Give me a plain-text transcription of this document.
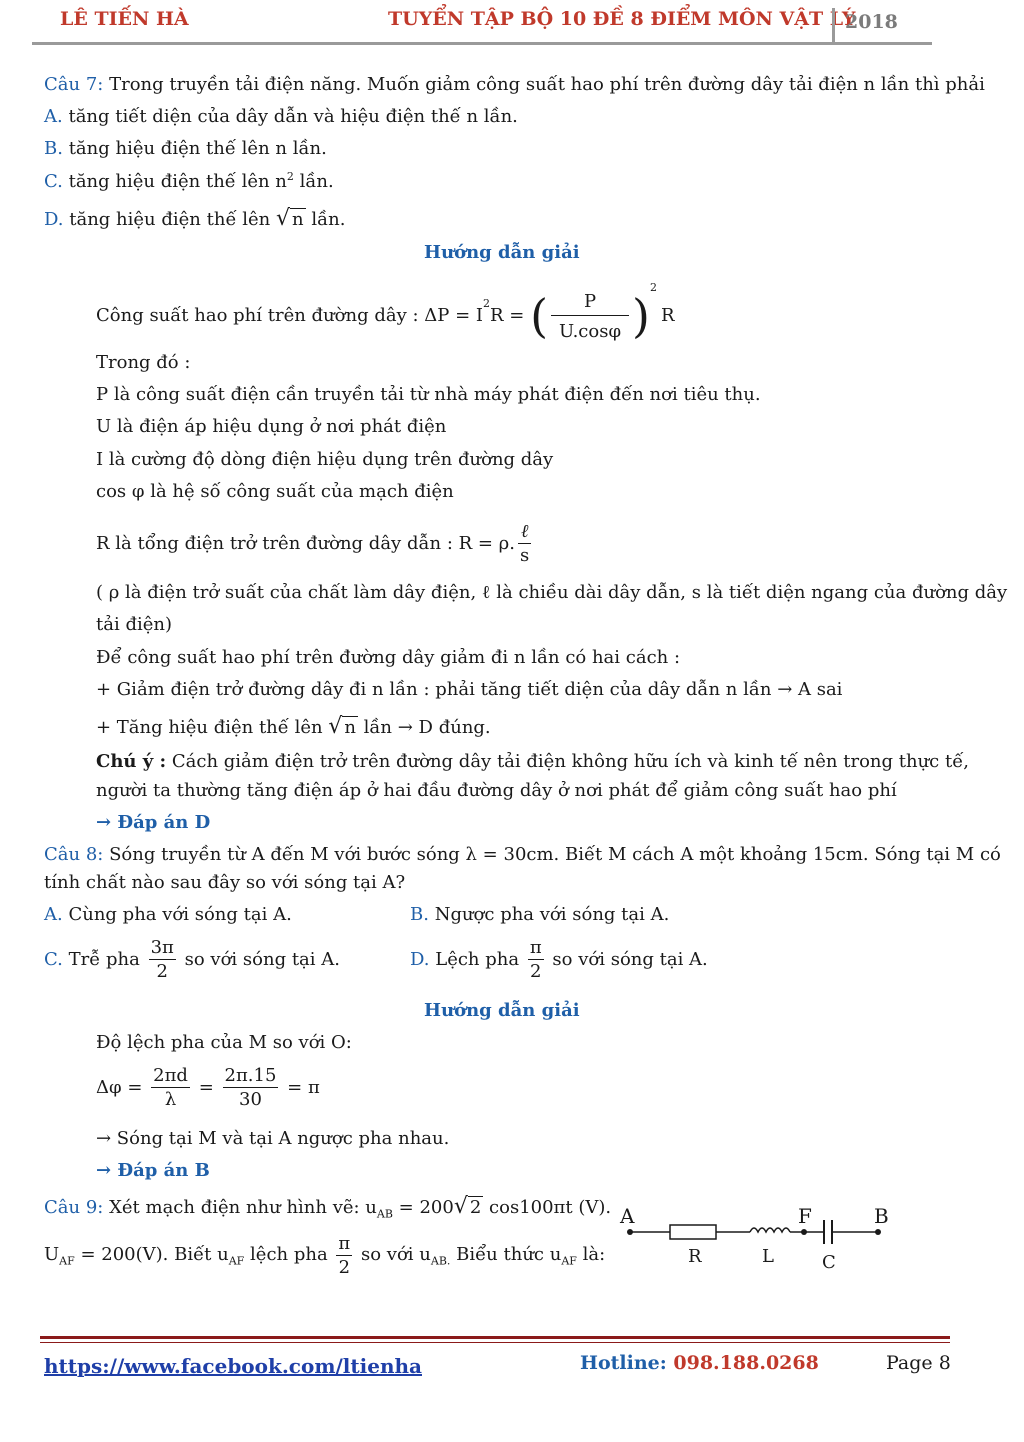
LÊ TIẾN HÀ	TUYỂN TẬP BỘ 10 ĐỀ 8 ĐIỂM MÔN VẬT LÝ
2018
Câu 7: Trong truyền tải điện năng. Muốn giảm công suất hao phí trên đường dây tải điện n lần thì phải
A. tăng tiết diện của dây dẫn và hiệu điện thế n lần.
B. tăng hiệu điện thế lên n lần.
C. tăng hiệu điện thế lên $n^2$ lần.
D. tăng hiệu điện thế lên √ n lần.
Hướng dẫn giải
Công suất hao phí trên đường dây : $\Delta P = I^2R$ = ( $\frac{P}{U.\cos\varphi} )^2R$
Trong đó :
P là công suất điện cần truyền tải từ nhà máy phát điện đến nơi tiêu thụ.
U là điện áp hiệu dụng ở nơi phát điện
I là cường độ dòng điện hiệu dụng trên đường dây
cos φ là hệ số công suất của mạch điện
R là tổng điện trở trên đường dây dẫn : R = ρ. $\frac{\text{ℓ}}{s}$
( ρ là điện trở suất của chất làm dây điện, ℓ là chiều dài dây dẫn, s là tiết diện ngang của đường dây
tải điện)
Để công suất hao phí trên đường dây giảm đi n lần có hai cách :
+ Giảm điện trở đường dây đi n lần : phải tăng tiết diện của dây dẫn n lần → A sai
+ Tăng hiệu điện thế lên √ n lần → D đúng.
Chú ý : Cách giảm điện trở trên đường dây tải điện không hữu ích và kinh tế nên trong thực tế,
người ta thường tăng điện áp ở hai đầu đường dây ở nơi phát để giảm công suất hao phí
→ Đáp án D
Câu 8: Sóng truyền từ A đến M với bước sóng λ = 30cm. Biết M cách A một khoảng 15cm. Sóng tại M có
tính chất nào sau đây so với sóng tại A?
A. Cùng pha với sóng tại A.	B. Ngược pha với sóng tại A.
C. Trễ pha $\frac{3\pi}{2}$ so với sóng tại A.	D. Lệch pha $\frac{\pi}{2}$ so với sóng tại A.
Hướng dẫn giải
Độ lệch pha của M so với O:
$\Delta\varphi = \frac{2\pi d}{\lambda} = \frac{2\pi.15}{30} = \pi$
→ Sóng tại M và tại A ngược pha nhau.
→ Đáp án B
Câu 9: Xét mạch điện như hình vẽ: $u_{AB} = 200√$ 2 cos100πt (V).
$U_{AF} = 200(V)$. Biết $u_{AF}$ lệch pha $\frac{\pi}{2}$ so với $u_{AB.}$ Biểu thức $u_{AF}$ là:
A	F	B
R	L	C
https://www.facebook.com/ltienha	Hotline: 098.188.0268	Page 8
